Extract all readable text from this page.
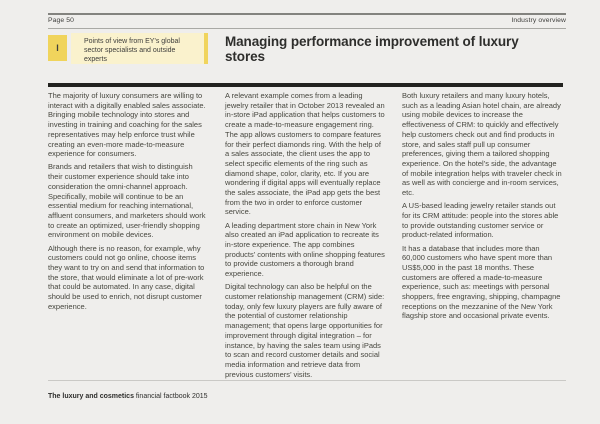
Page 50	Industry overview
I
Points of view from EY’s global sector specialists and outside experts
Managing performance improvement of luxury stores

The majority of luxury consumers are willing to interact with a digitally enabled sales associate. Bringing mobile technology into stores and investing in training and coaching for the sales representatives may help enforce trust while creating an even-more made-to-measure experience for consumers.

Brands and retailers that wish to distinguish their customer experience should take into consideration the omni-channel approach. Specifically, mobile will continue to be an essential medium for reaching international, affluent consumers, and marketers should work to create an optimized, user-friendly shopping environment on mobile devices.

Although there is no reason, for example, why customers could not go online, choose items they want to try on and send that information to the store, that would eliminate a lot of pre-work that could be automated. In any case, digital should be used to enrich, not disrupt customer experience.

A relevant example comes from a leading jewelry retailer that in October 2013 revealed an in-store iPad application that helps customers to create a made-to-measure engagement ring. The app allows customers to compare features for their perfect diamonds ring. With the help of a sales associate, the client uses the app to select specific elements of the ring such as diamond shape, color, clarity, etc. If you are wondering if digital apps will eventually replace the sales associate, the iPad app gets the best from the two in order to enforce customer service.

A leading department store chain in New York also created an iPad application to recreate its in-store experience. The app combines products’ contents with online shopping features to provide customers a thorough brand experience.

Digital technology can also be helpful on the customer relationship management (CRM) side: today, only few luxury players are fully aware of the potential of customer relationship management; that opens large opportunities for improvement through digital integration – for instance, by having the sales team using iPads to scan and record customer details and social media information and retrieve data from previous customers’ visits.

Both luxury retailers and many luxury hotels, such as a leading Asian hotel chain, are already using mobile devices to increase the effectiveness of CRM: to quickly and effectively help customers check out and find products in store, and sales staff pull up consumer preferences, giving them a tailored shopping experience. On the hotel’s side, the advantage of mobile integration helps with traveler check in as well as with concierge and in-room services, etc.

A US-based leading jewelry retailer stands out for its CRM attitude: people into the stores able to provide outstanding customer service or product-related information.

It has a database that includes more than 60,000 customers who have spent more than US$5,000 in the past 18 months. These customers are offered a made-to-measure experience, such as: meetings with personal shoppers, free engraving, shipping, champagne receptions on the mezzanine of the New York flagship store and occasional private events.

The luxury and cosmetics financial factbook 2015
